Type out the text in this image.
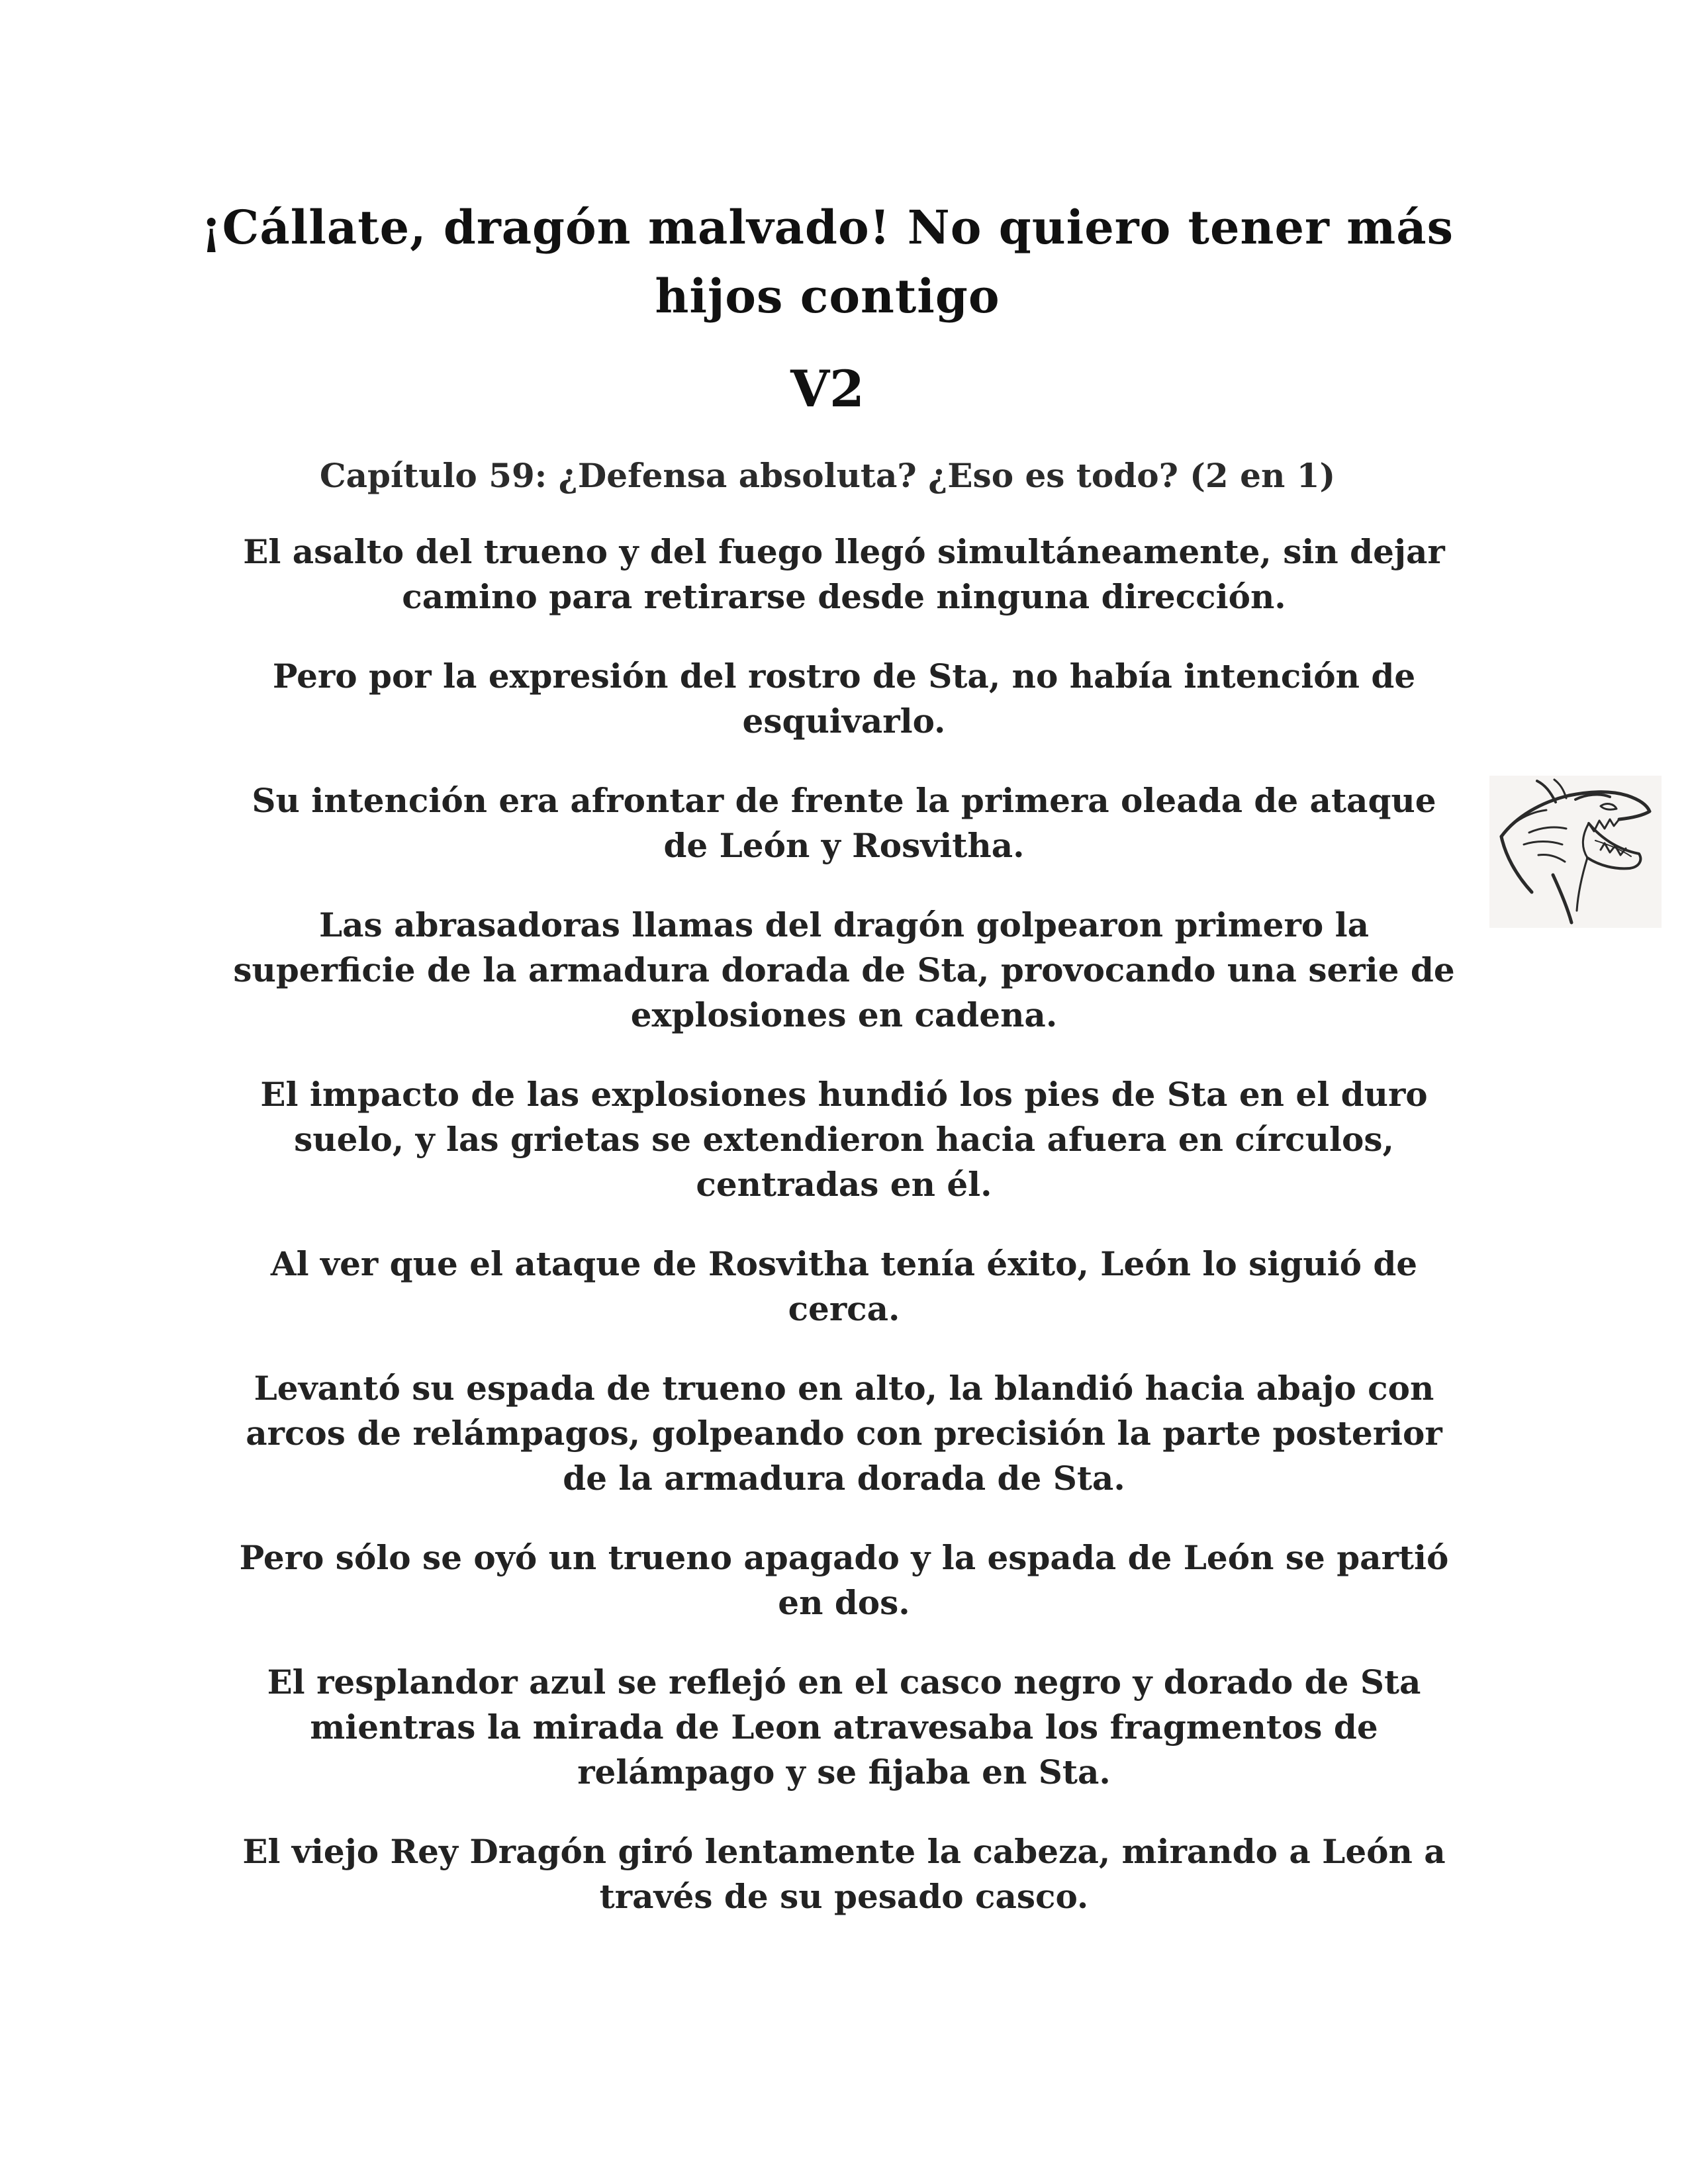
¡Cállate, dragón malvado! No quiero tener más hijos contigo
V2
Capítulo 59: ¿Defensa absoluta? ¿Eso es todo? (2 en 1)

El asalto del trueno y del fuego llegó simultáneamente, sin dejar camino para retirarse desde ninguna dirección.

Pero por la expresión del rostro de Sta, no había intención de esquivarlo.

Su intención era afrontar de frente la primera oleada de ataque de León y Rosvitha.

Las abrasadoras llamas del dragón golpearon primero la superficie de la armadura dorada de Sta, provocando una serie de explosiones en cadena.

El impacto de las explosiones hundió los pies de Sta en el duro suelo, y las grietas se extendieron hacia afuera en círculos, centradas en él.

Al ver que el ataque de Rosvitha tenía éxito, León lo siguió de cerca.

Levantó su espada de trueno en alto, la blandió hacia abajo con arcos de relámpagos, golpeando con precisión la parte posterior de la armadura dorada de Sta.

Pero sólo se oyó un trueno apagado y la espada de León se partió en dos.

El resplandor azul se reflejó en el casco negro y dorado de Sta mientras la mirada de Leon atravesaba los fragmentos de relámpago y se fijaba en Sta.

El viejo Rey Dragón giró lentamente la cabeza, mirando a León a través de su pesado casco.
